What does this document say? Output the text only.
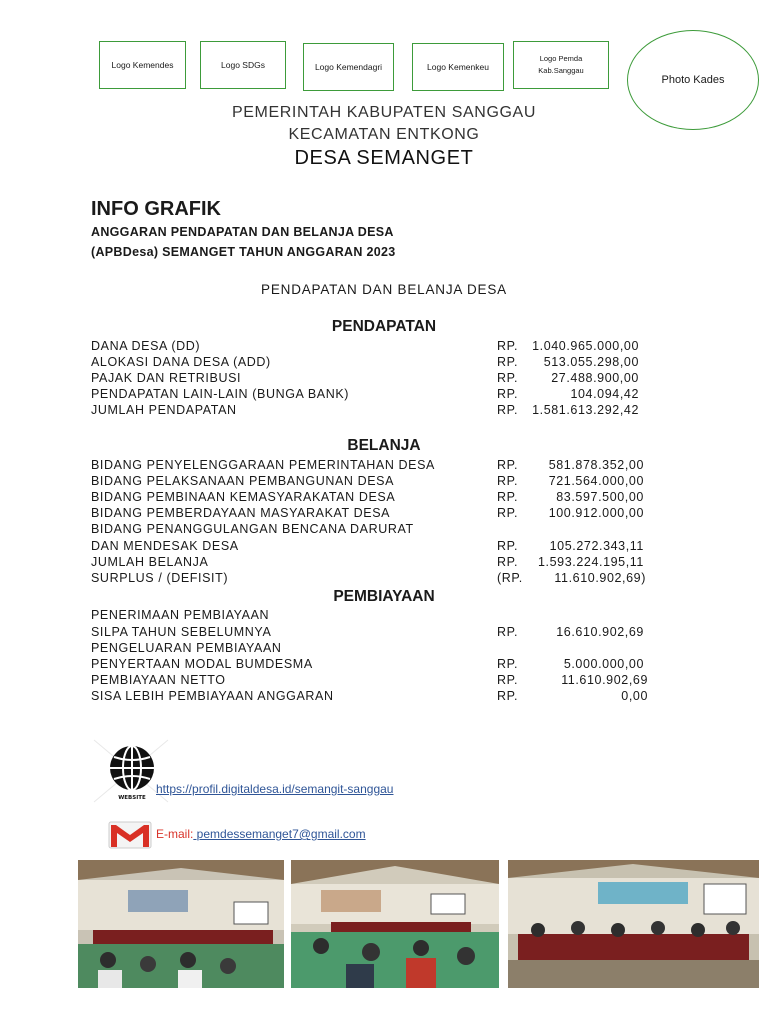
Logo Kemendes	Logo SDGs	Logo Kemendagri	Logo Kemenkeu
Logo Pemda Kab.Sanggau
Photo Kades
PEMERINTAH KABUPATEN SANGGAU
KECAMATAN ENTKONG
DESA SEMANGET
INFO GRAFIK
ANGGARAN PENDAPATAN DAN BELANJA DESA
(APBDesa) SEMANGET TAHUN ANGGARAN 2023
PENDAPATAN DAN BELANJA DESA
PENDAPATAN
DANA DESA (DD)	RP. 1.040.965.000,00
ALOKASI DANA DESA (ADD)	RP. 513.055.298,00
PAJAK DAN RETRIBUSI	RP.	27.488.900,00
PENDAPATAN LAIN-LAIN (BUNGA BANK)	RP.	104.094,42
JUMLAH PENDAPATAN	RP. 1.581.613.292,42
BELANJA
BIDANG PENYELENGGARAAN PEMERINTAHAN DESA	RP. 581.878.352,00
BIDANG PELAKSANAAN PEMBANGUNAN DESA	RP. 721.564.000,00
BIDANG PEMBINAAN KEMASYARAKATAN DESA	RP.	83.597.500,00
BIDANG PEMBERDAYAAN MASYARAKAT DESA	RP. 100.912.000,00
BIDANG PENANGGULANGAN BENCANA DARURAT
DAN MENDESAK DESA	RP.	105.272.343,11
JUMLAH BELANJA	RP. 1.593.224.195,11
SURPLUS / (DEFISIT)	(RP.	11.610.902,69)
PEMBIAYAAN
PENERIMAAN PEMBIAYAAN
SILPA TAHUN SEBELUMNYA	RP.	16.610.902,69
PENGELUARAN PEMBIAYAAN
PENYERTAAN MODAL BUMDESMA	RP.	5.000.000,00
PEMBIAYAAN NETTO	RP.	11.610.902,69
SISA LEBIH PEMBIAYAAN ANGGARAN	RP.	0,00
WEBSITE
https://profil.digitaldesa.id/semangit-sanggau
E-mail: pemdessemanget7@gmail.com
